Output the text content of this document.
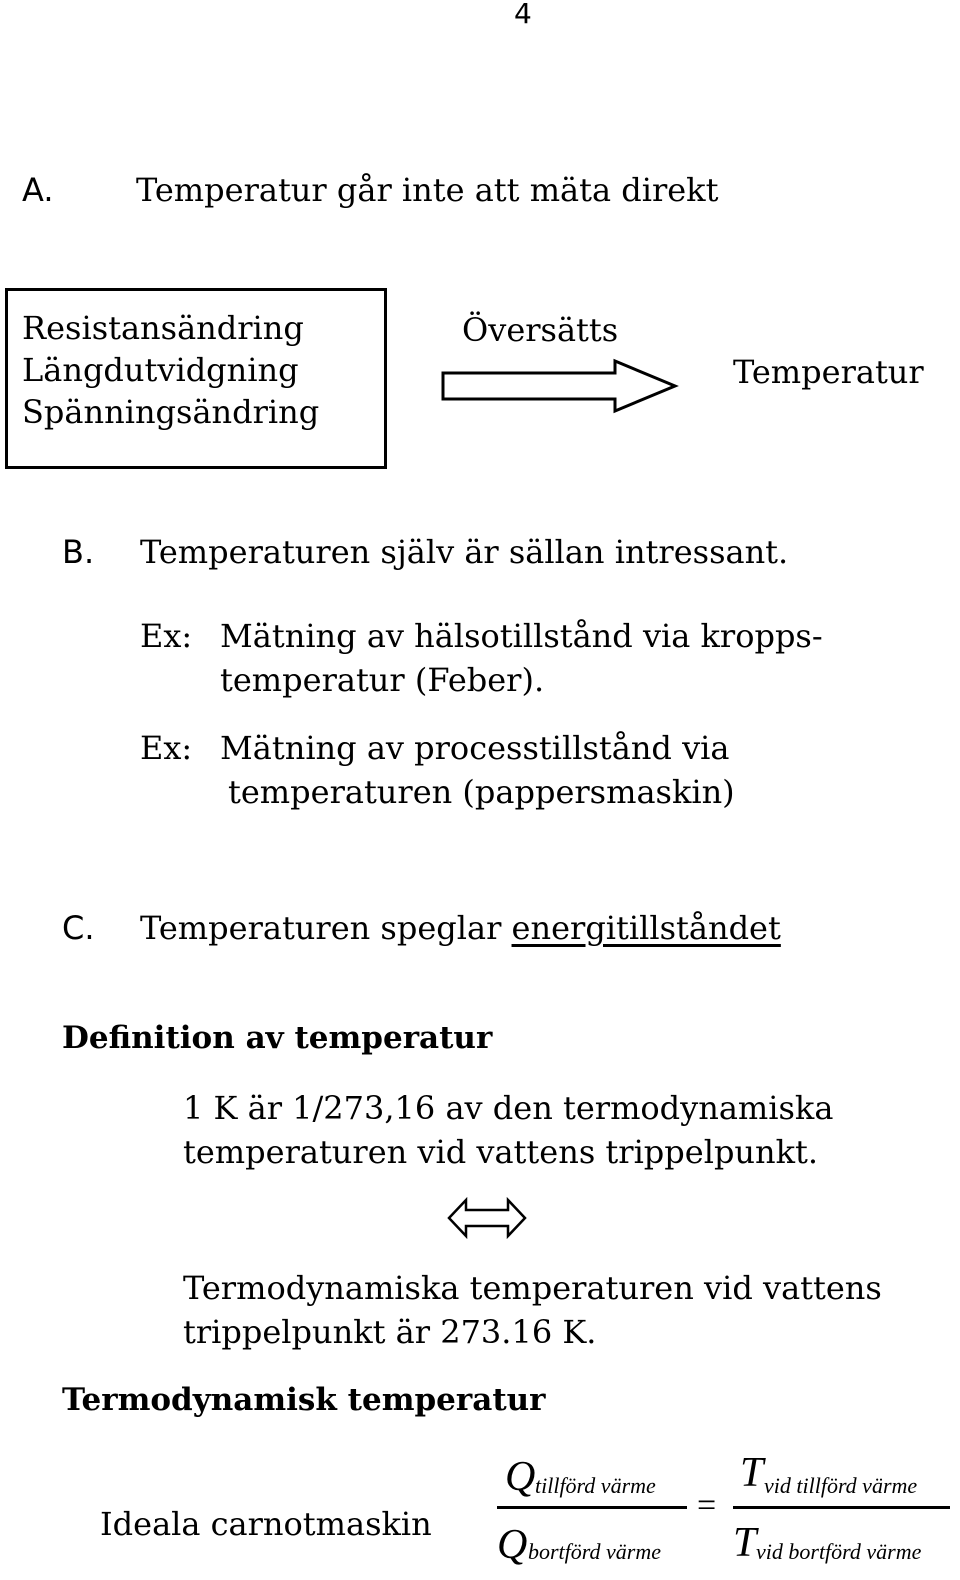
4
A.	Temperatur går inte att mäta direkt
Resistansändring
Längdutvidgning
Spänningsändring
Översätts
Temperatur
B. Temperaturen själv är sällan intressant.
Ex: Mätning av hälsotillstånd via kropps-
temperatur (Feber).
Ex: Mätning av processtillstånd via
temperaturen (pappersmaskin)
C. Temperaturen speglar energitillståndet
Definition av temperatur
1 K är 1/273,16 av den termodynamiska
temperaturen vid vattens trippelpunkt.
Termodynamiska temperaturen vid vattens
trippelpunkt är 273.16 K.
Termodynamisk temperatur
Ideala carnotmaskin
Q tillförd värme
Q bortförd värme
=
T vid tillförd värme
T vid bortförd värme
